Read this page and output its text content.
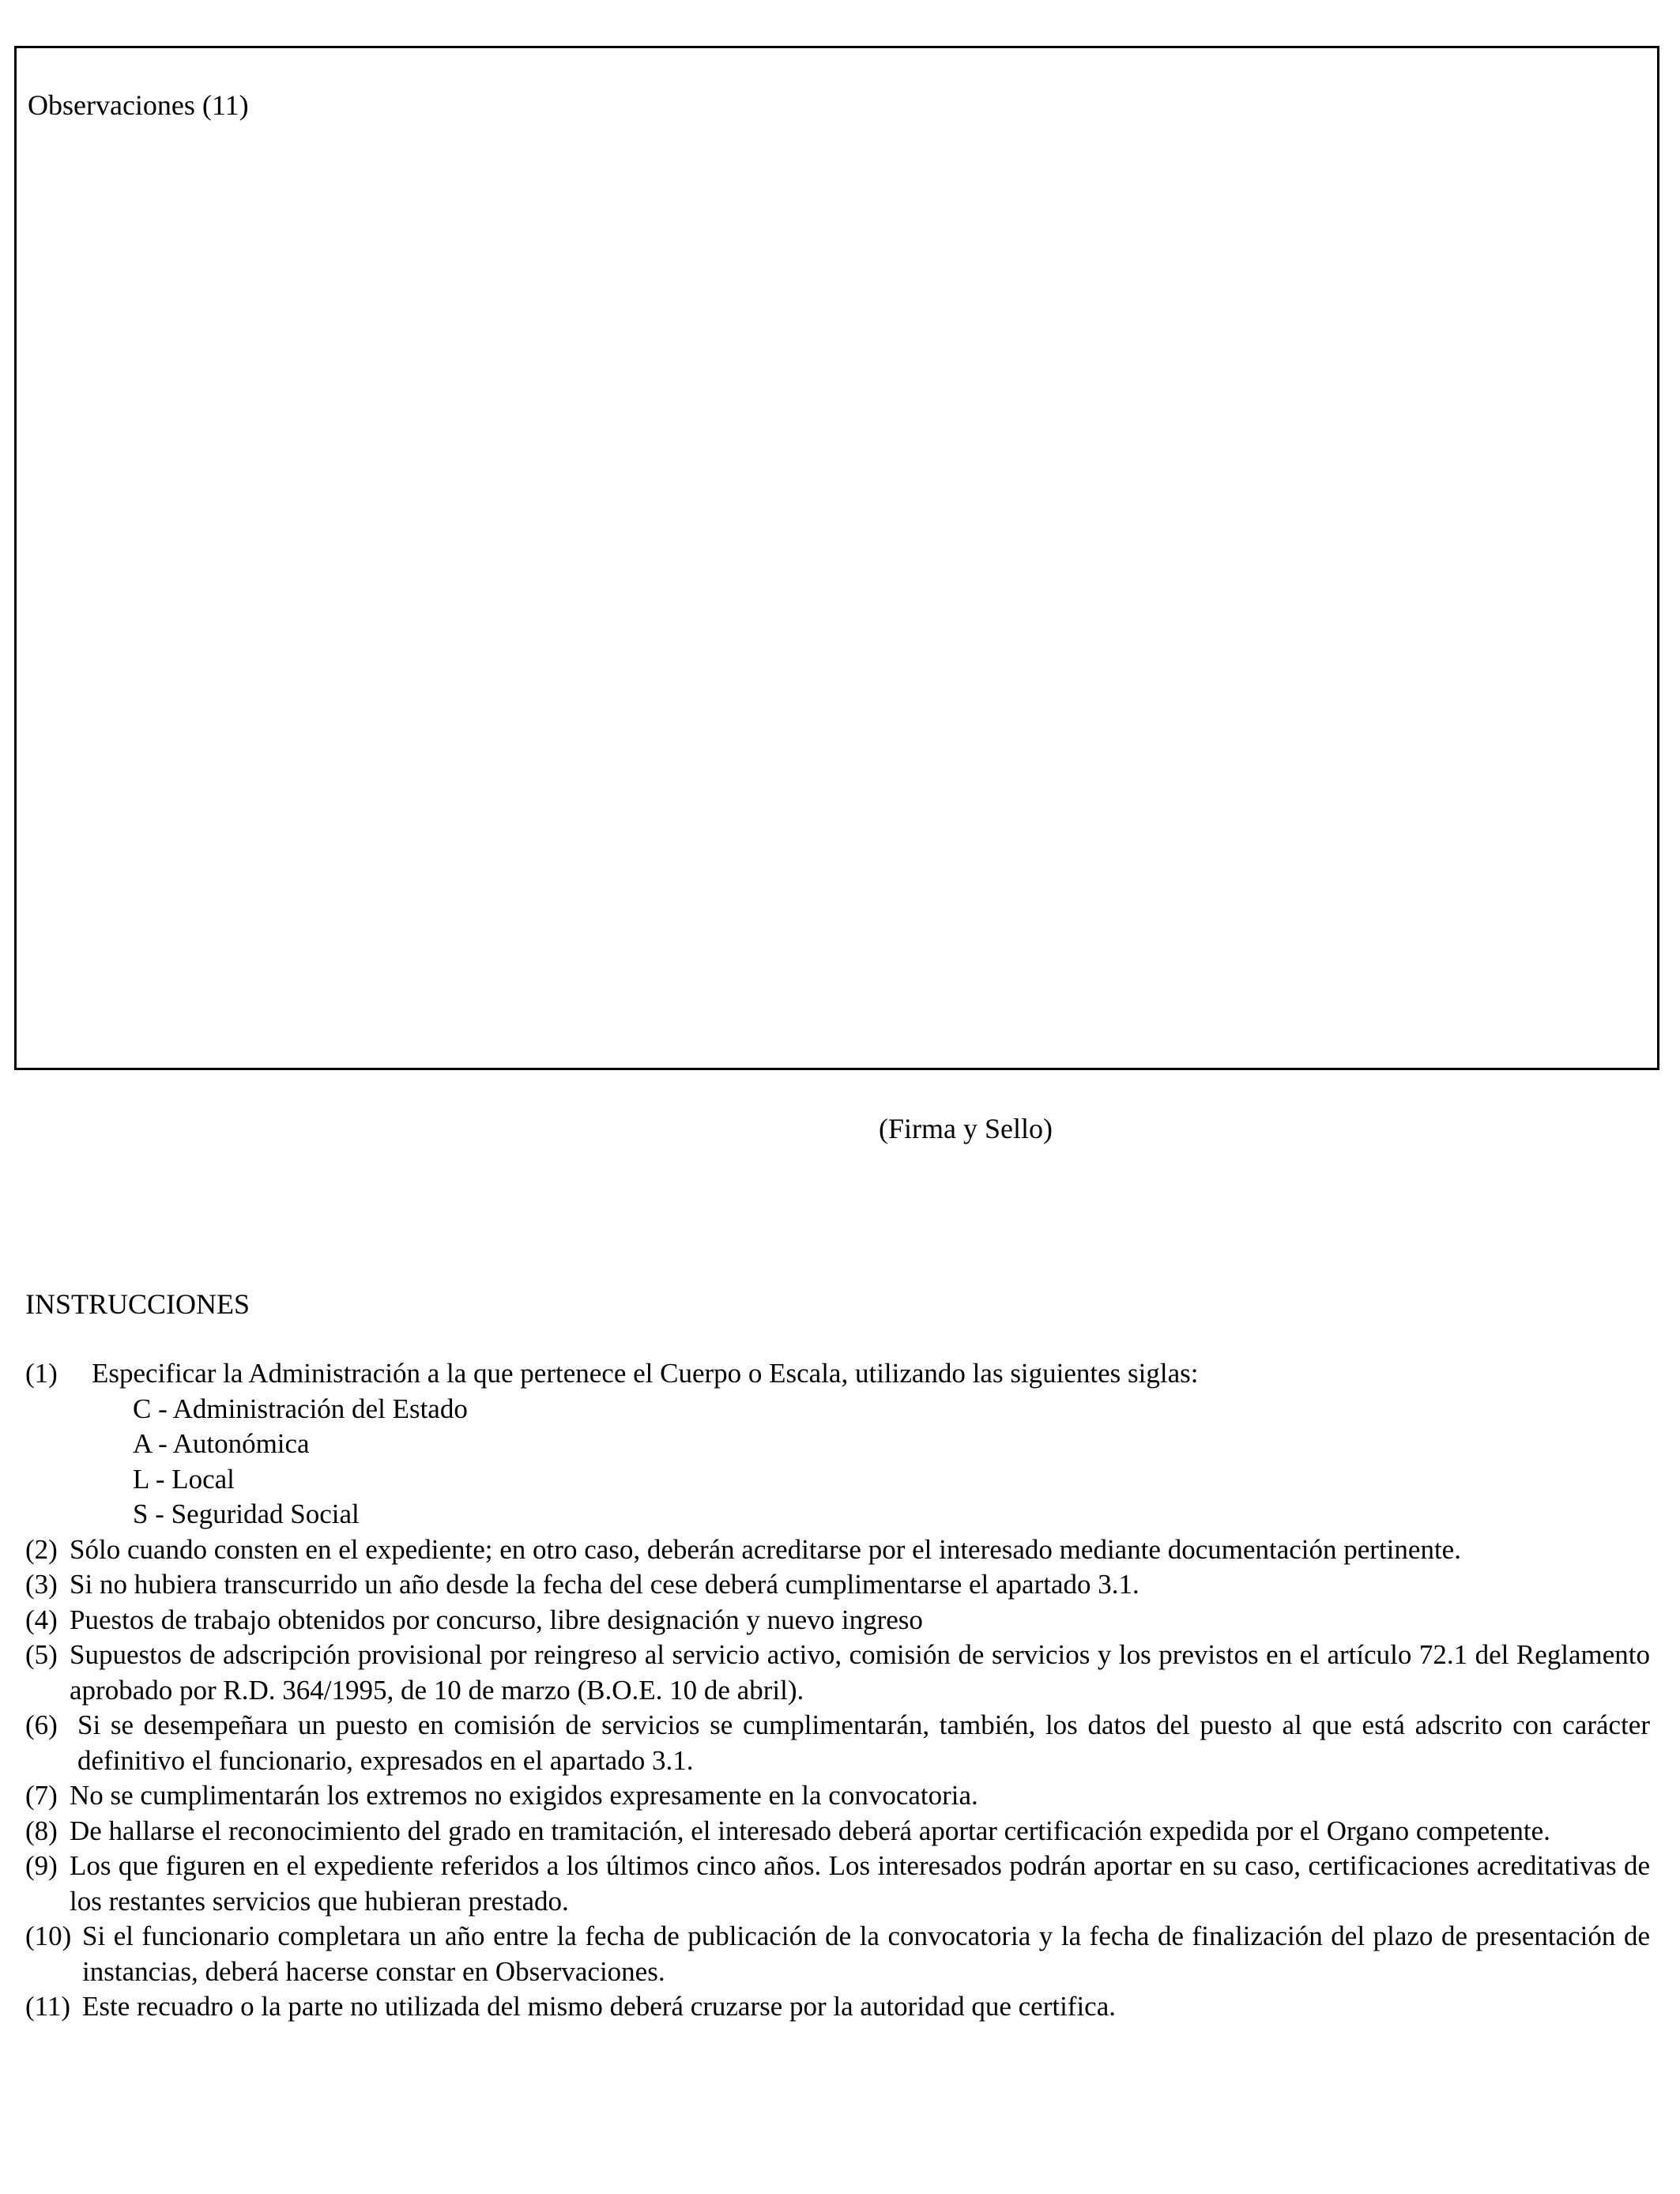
Observaciones (11)
(Firma y Sello)
INSTRUCCIONES
(1) Especificar la Administración a la que pertenece el Cuerpo o Escala, utilizando las siguientes siglas:
C - Administración del Estado
A - Autonómica
L - Local
S - Seguridad Social
(2) Sólo cuando consten en el expediente; en otro caso, deberán acreditarse por el interesado mediante documentación pertinente.
(3) Si no hubiera transcurrido un año desde la fecha del cese deberá cumplimentarse el apartado 3.1.
(4) Puestos de trabajo obtenidos por concurso, libre designación y nuevo ingreso
(5) Supuestos de adscripción provisional por reingreso al servicio activo, comisión de servicios y los previstos en el artículo 72.1 del Reglamento aprobado por R.D. 364/1995, de 10 de marzo (B.O.E. 10 de abril).
(6) Si se desempeñara un puesto en comisión de servicios se cumplimentarán, también, los datos del puesto al que está adscrito con carácter definitivo el funcionario, expresados en el apartado 3.1.
(7) No se cumplimentarán los extremos no exigidos expresamente en la convocatoria.
(8) De hallarse el reconocimiento del grado en tramitación, el interesado deberá aportar certificación expedida por el Organo competente.
(9) Los que figuren en el expediente referidos a los últimos cinco años. Los interesados podrán aportar en su caso, certificaciones acreditativas de los restantes servicios que hubieran prestado.
(10) Si el funcionario completara un año entre la fecha de publicación de la convocatoria y la fecha de finalización del plazo de presentación de instancias, deberá hacerse constar en Observaciones.
(11) Este recuadro o la parte no utilizada del mismo deberá cruzarse por la autoridad que certifica.
